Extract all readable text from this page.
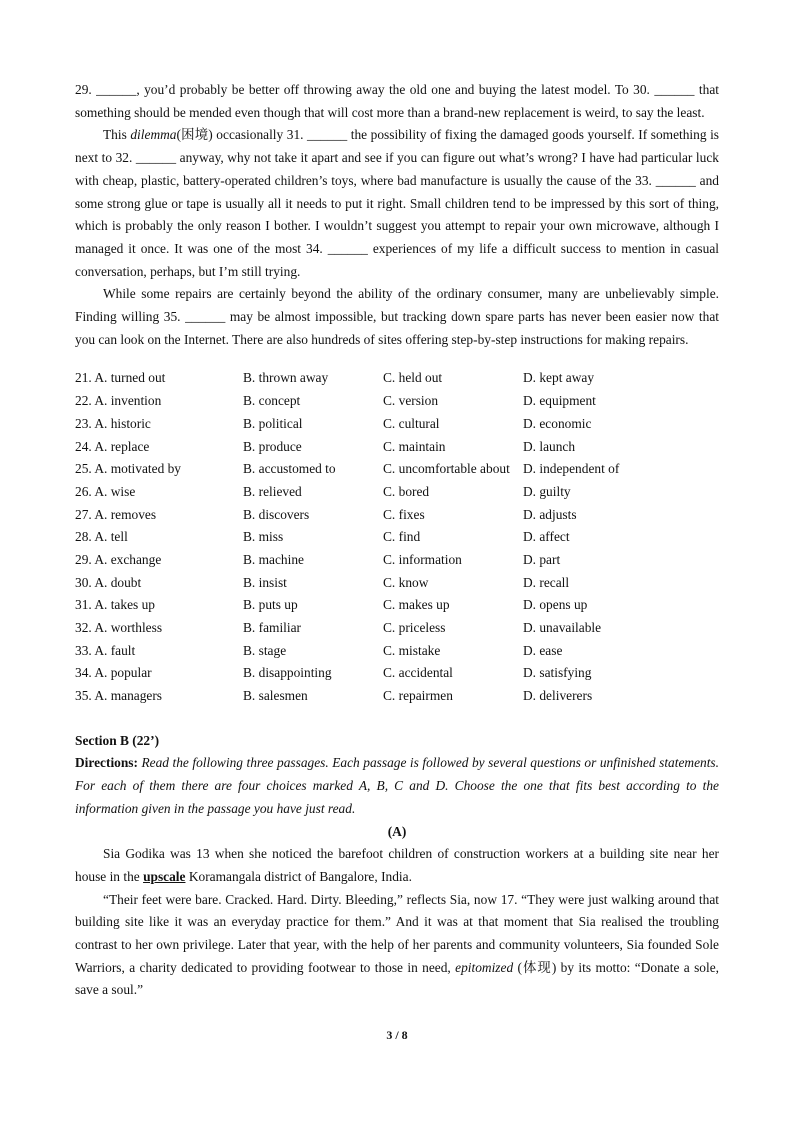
29. ______, you’d probably be better off throwing away the old one and buying the latest model. To 30. ______ that something should be mended even though that will cost more than a brand-new replacement is weird, to say the least.

This dilemma(困境) occasionally 31. ______ the possibility of fixing the damaged goods yourself. If something is next to 32. ______ anyway, why not take it apart and see if you can figure out what’s wrong? I have had particular luck with cheap, plastic, battery-operated children’s toys, where bad manufacture is usually the cause of the 33. ______ and some strong glue or tape is usually all it needs to put it right. Small children tend to be impressed by this sort of thing, which is probably the only reason I bother. I wouldn’t suggest you attempt to repair your own microwave, although I managed it once. It was one of the most 34. ______ experiences of my life a difficult success to mention in casual conversation, perhaps, but I’m still trying.

While some repairs are certainly beyond the ability of the ordinary consumer, many are unbelievably simple. Finding willing 35. ______ may be almost impossible, but tracking down spare parts has never been easier now that you can look on the Internet. There are also hundreds of sites offering step-by-step instructions for making repairs.

21. A. turned out	B. thrown away	C. held out	D. kept away
22. A. invention	B. concept	C. version	D. equipment
23. A. historic	B. political	C. cultural	D. economic
24. A. replace	B. produce	C. maintain	D. launch
25. A. motivated by	B. accustomed to	C. uncomfortable about D. independent of
26. A. wise	B. relieved	C. bored	D. guilty
27. A. removes	B. discovers	C. fixes	D. adjusts
28. A. tell	B. miss	C. find	D. affect
29. A. exchange	B. machine	C. information	D. part
30. A. doubt	B. insist	C. know	D. recall
31. A. takes up	B. puts up	C. makes up	D. opens up
32. A. worthless	B. familiar	C. priceless	D. unavailable
33. A. fault	B. stage	C. mistake	D. ease
34. A. popular	B. disappointing	C. accidental	D. satisfying
35. A. managers	B. salesmen	C. repairmen	D. deliverers
Section B (22’)

Directions: Read the following three passages. Each passage is followed by several questions or unfinished statements. For each of them there are four choices marked A, B, C and D. Choose the one that fits best according to the information given in the passage you have just read.

(A)

Sia Godika was 13 when she noticed the barefoot children of construction workers at a building site near her house in the upscale Koramangala district of Bangalore, India.

“Their feet were bare. Cracked. Hard. Dirty. Bleeding,” reflects Sia, now 17. “They were just walking around that building site like it was an everyday practice for them.” And it was at that moment that Sia realised the troubling contrast to her own privilege. Later that year, with the help of her parents and community volunteers, Sia founded Sole Warriors, a charity dedicated to providing footwear to those in need, epitomized (体现) by its motto: “Donate a sole, save a soul.”

3 / 8
